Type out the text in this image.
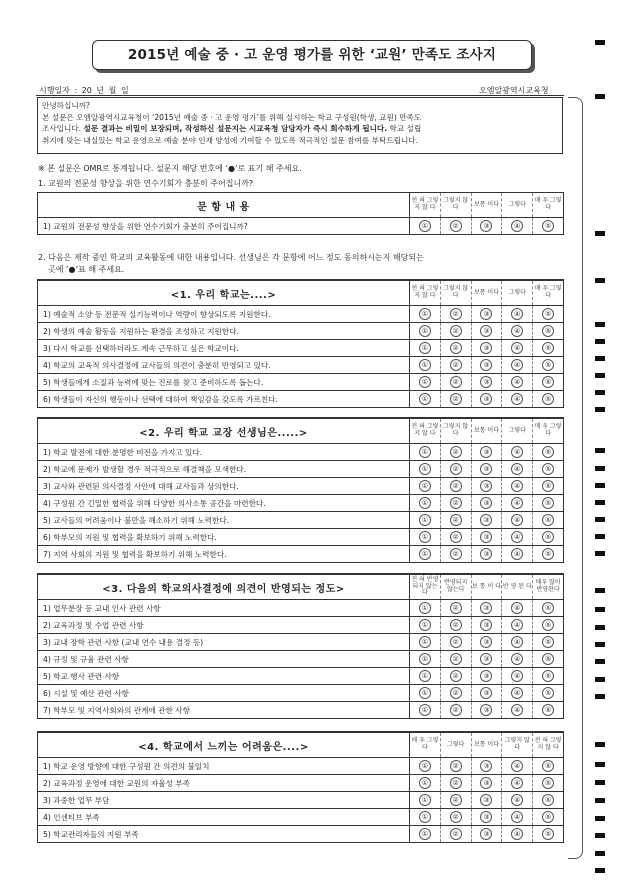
2015년 예술 중 · 고 운영 평가를 위한 ‘교원’ 만족도 조사지
시행일자 : 20 년 월 일	오엠알광역시교육청

안녕하십니까?

본 설문은 오엠알광역시교육청이 ‘2015년 예술 중 · 고 운영 평가’를 위해 실시하는 학교 구성원(학생, 교원) 만족도

조사입니다. 설문 결과는 비밀이 보장되며, 작성하신 설문지는 시교육청 담당자가 즉시 회수하게 됩니다. 학교 설립

취지에 맞는 내실있는 학교 운영으로 예술 분야 인재 양성에 기여할 수 있도록 적극적인 설문 참여를 부탁드립니다.

※ 본 설문은 OMR로 통계됩니다. 설문지 해당 번호에 ‘●’로 표기 해 주세요.
1. 교원의 전문성 향상을 위한 연수기회가 충분히 주어집니까?
문 항 내 용	전 혀 그렇지 않 다	그렇지 않 다	보통 이다	그렇다	매 우 그렇다
1) 교원의 전문성 향상을 위한 연수기회가 충분히 주어집니까?	①	②	③	④	⑤
2. 다음은 제작 중인 학교의 교육활동에 대한 내용입니다. 선생님은 각 문항에 어느 정도 동의하시는지 해당되는
곳에 ‘●’표 해 주세요.
<1. 우리 학교는....>	전 혀 그렇지 않 다	그렇지 않 다	보통 이다	그렇다	매 우 그렇다
1) 예술적 소양 등 전문적 실기능력이나 역량이 향상되도록 지원한다.	①	②	③	④	⑤
2) 학생의 예술 활동을 지원하는 환경을 조성하고 지원한다.	①	②	③	④	⑤
3) 다시 학교를 선택하더라도 계속 근무하고 싶은 학교이다.	①	②	③	④	⑤
4) 학교의 교육적 의사결정에 교사들의 의견이 충분히 반영되고 있다.	①	②	③	④	⑤
5) 학생들에게 소질과 능력에 맞는 진로를 찾고 준비하도록 돕는다.	①	②	③	④	⑤
6) 학생들이 자신의 행동이나 선택에 대하여 책임감을 갖도록 가르친다.	①	②	③	④	⑤
<2. 우리 학교 교장 선생님은.....>	전 혀 그렇지 않 다	그렇지 않 다	보통 이다	그렇다	매 우 그렇다
1) 학교 발전에 대한 분명한 비전을 가지고 있다.	①	②	③	④	⑤
2) 학교에 문제가 발생할 경우 적극적으로 해결책을 모색한다.	①	②	③	④	⑤
3) 교사와 관련된 의사결정 사안에 대해 교사들과 상의한다.	①	②	③	④	⑤
4) 구성원 간 긴밀한 협력을 위해 다양한 의사소통 공간을 마련한다.	①	②	③	④	⑤
5) 교사들의 어려움이나 불만을 해소하기 위해 노력한다.	①	②	③	④	⑤
6) 학부모의 지원 및 협력을 확보하기 위해 노력한다.	①	②	③	④	⑤
7) 지역 사회의 지원 및 협력을 확보하기 위해 노력한다.	①	②	③	④	⑤
<3. 다음의 학교의사결정에 의견이 반영되는 정도>	전 혀 반영되지 않는다	반영되지 않는다	보 통 이 다	반 영 된 다	매우 많이 반영된다
1) 업무분장 등 교내 인사 관련 사항	①	②	③	④	⑤
2) 교육과정 및 수업 관련 사항	①	②	③	④	⑤
3) 교내 장학 관련 사항 (교내 연수 내용 결정 등)	①	②	③	④	⑤
4) 규정 및 규율 관련 사항	①	②	③	④	⑤
5) 학교 행사 관련 사항	①	②	③	④	⑤
6) 시설 및 예산 관련 사항	①	②	③	④	⑤
7) 학부모 및 지역사회와의 관계에 관한 사항	①	②	③	④	⑤
<4. 학교에서 느끼는 어려움은....>	매 우 그렇다	그렇다	보통 이다	그렇지 않 다	전 혀 그렇지 않 다
1) 학교 운영 방향에 대한 구성원 간 의견의 불일치	①	②	③	④	⑤
2) 교육과정 운영에 대한 교원의 자율성 부족	①	②	③	④	⑤
3) 과중한 업무 부담	①	②	③	④	⑤
4) 인센티브 부족	①	②	③	④	⑤
5) 학교관리자들의 지원 부족	①	②	③	④	⑤
